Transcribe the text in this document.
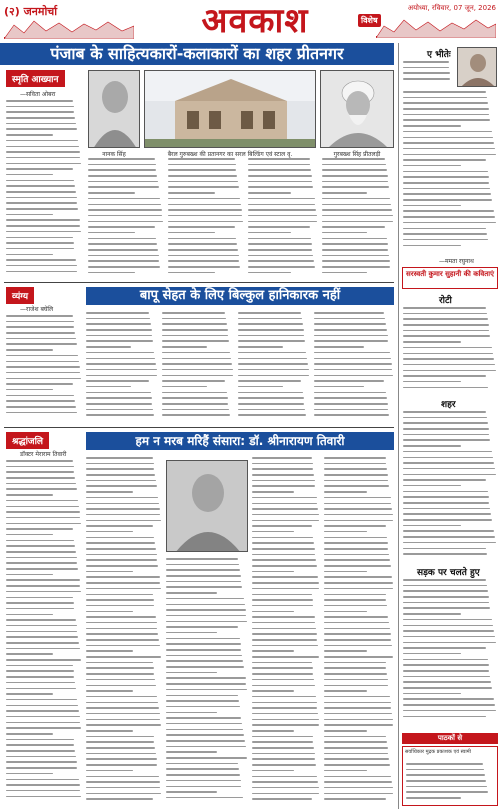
(२) जनमोर्चा	अवकाश	विशेष
अयोध्या, रविवार, 07 जून, 2026
पंजाब के साहित्यकारों-कलाकारों का शहर प्रीतनगर
स्मृति आख्यान
—सविता ओबरा
नानक सिंह	बैरल गुरुबख्श की प्रतानगर का सरल बिल्डिंग एवं स्टाल वृ.	गुरबख्श सिंह प्रीतलड़ी
व्यंग्य
—राजेश बघेलि
बापू सेहत के लिए बिल्कुल हानिकारक नहीं
श्रद्धांजलि
डॉक्टर मेराराम तिवारी
हम न मरब मरिहैं संसारा: डॉ. श्रीनारायण तिवारी
ए भीतेः
—ममता रघुनाथ
सरस्वती कुमार सुहानी की कविताएं
रोटी
शहर
सड़क पर चलते हुए
पाठकों से
सर्वाधिकार मुद्रक प्रकाशक एवं स्वामी
